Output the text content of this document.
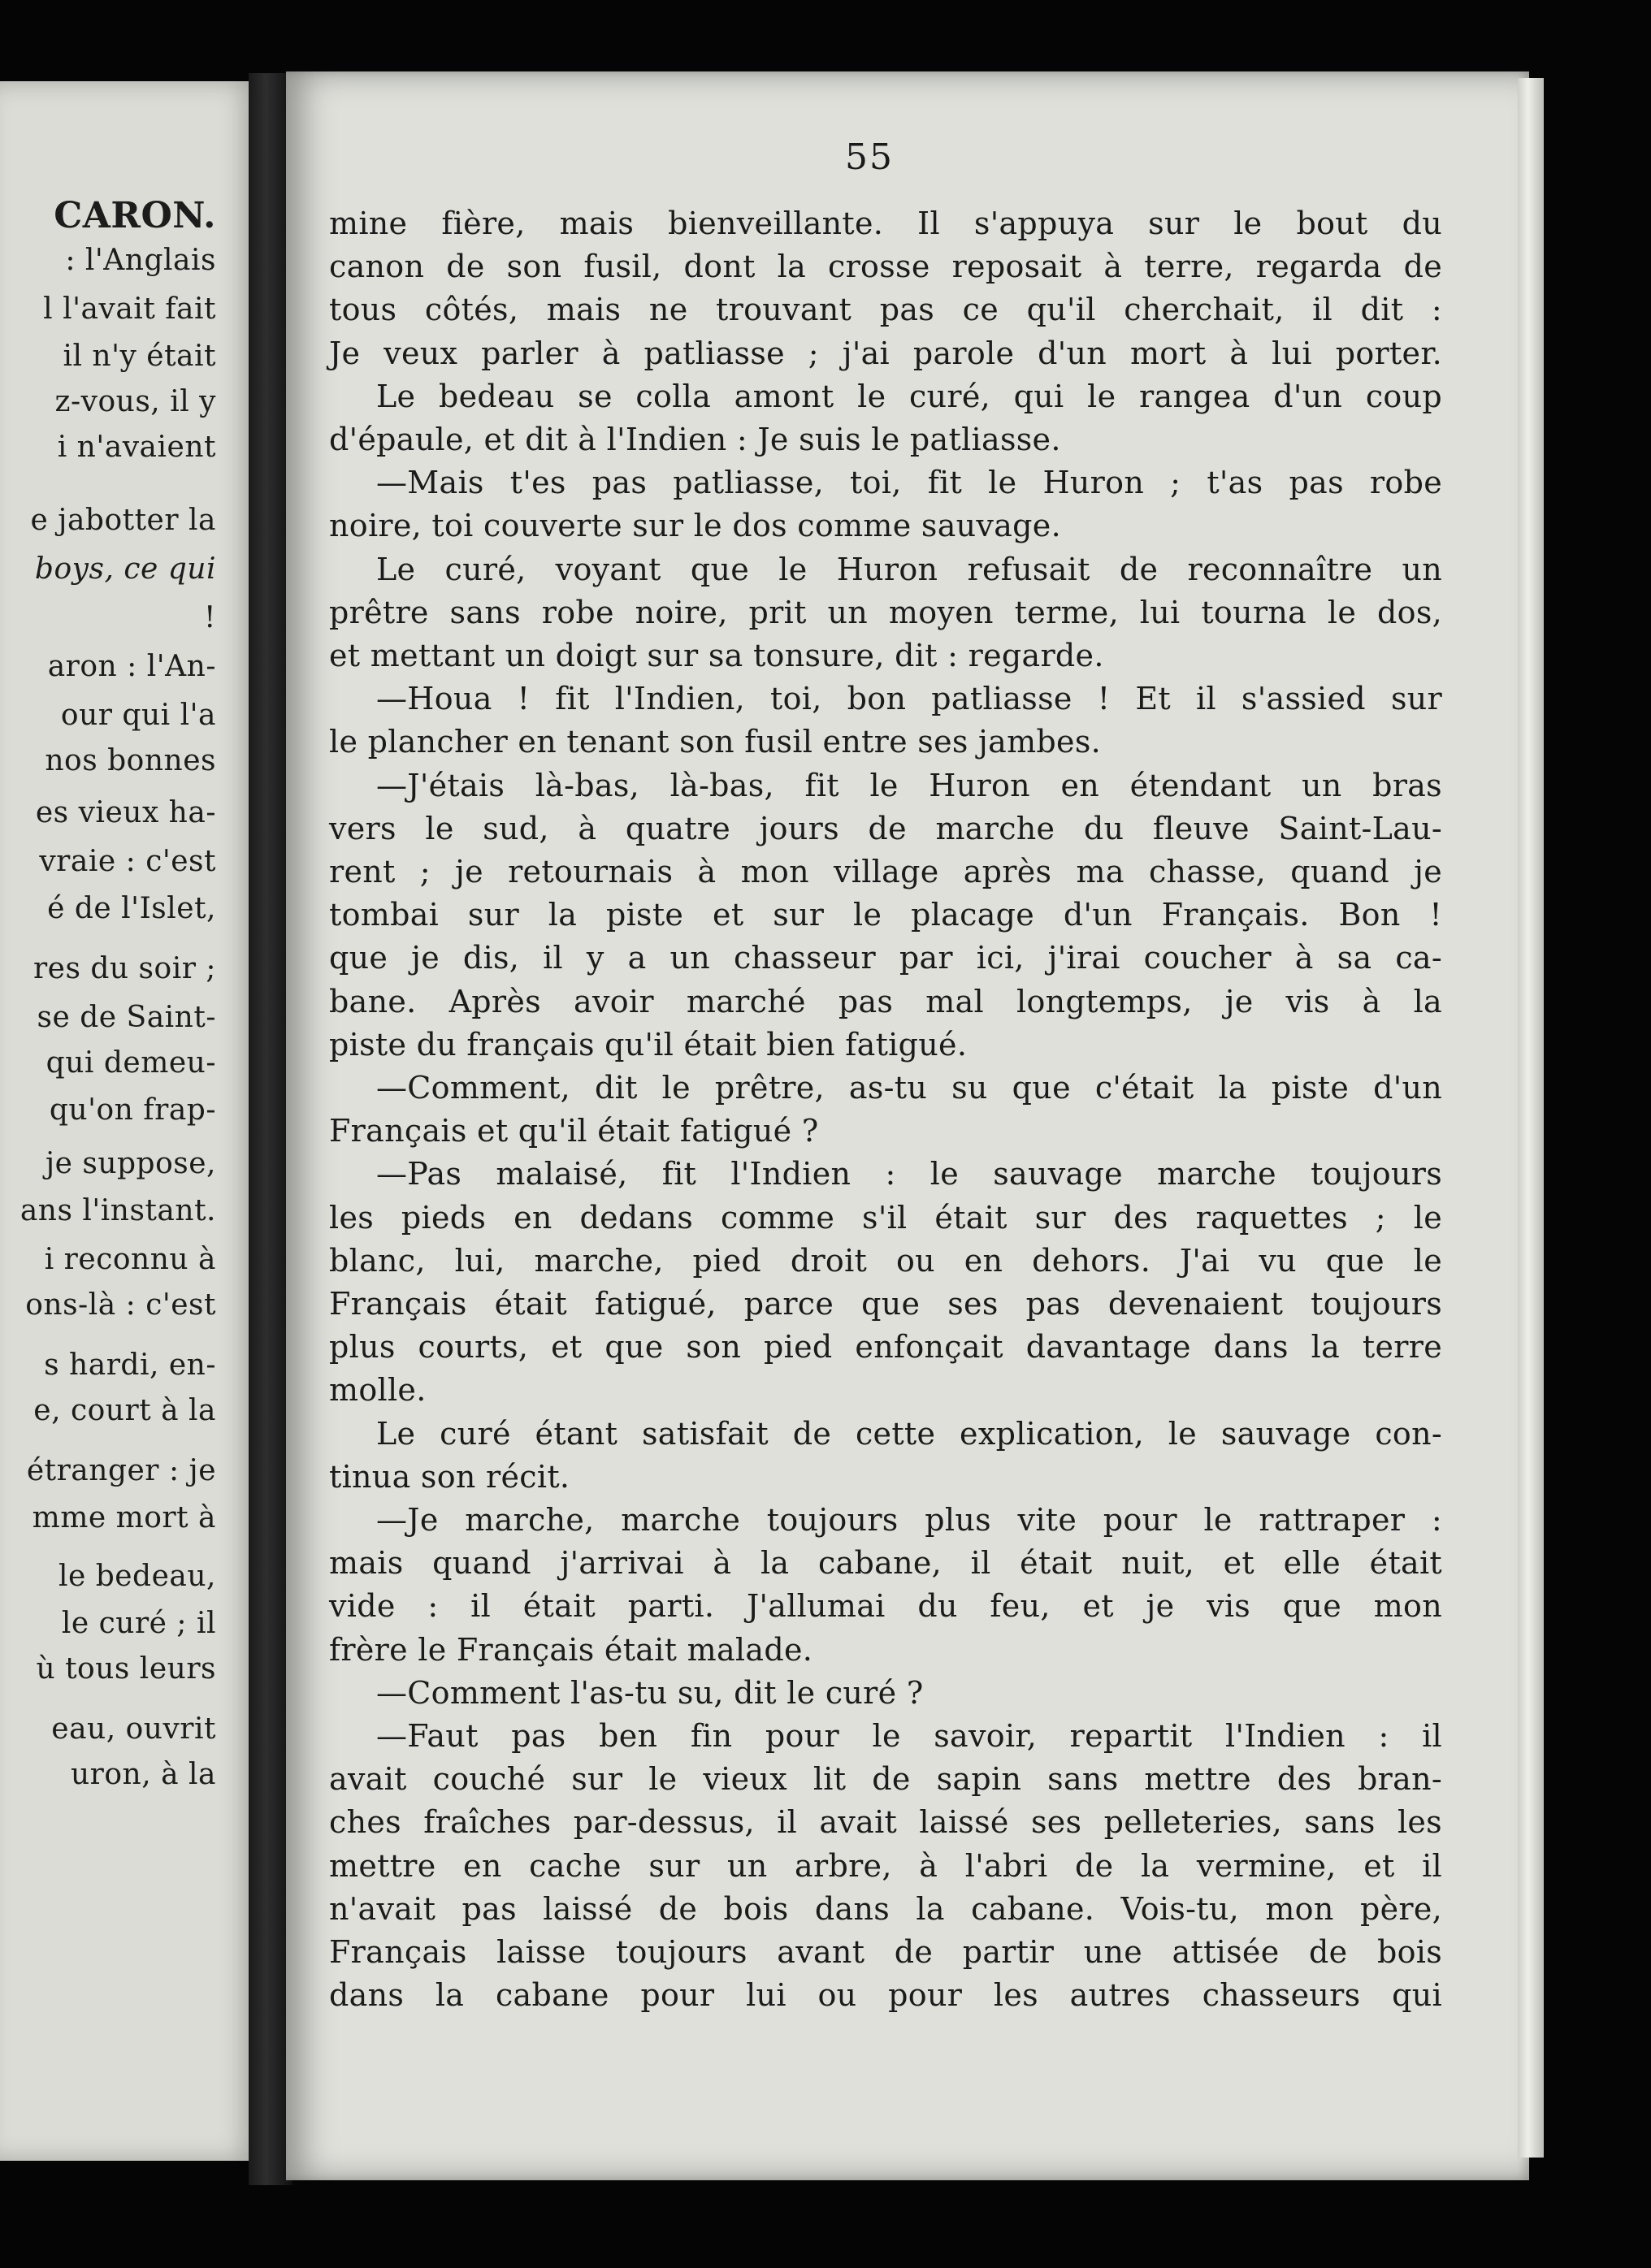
CARON.
: l'Anglais
l l'avait fait
il n'y était
z-vous, il y
i n'avaient
e jabotter la
boys, ce qui
!
aron : l'An-
our qui l'a
nos bonnes
es vieux ha-
vraie : c'est
é de l'Islet,
res du soir ;
se de Saint-
qui demeu-
qu'on frap-
je suppose,
ans l'instant.
i reconnu à
ons-là : c'est
s hardi, en-
e, court à la
étranger : je
mme mort à
le bedeau,
le curé ; il
ù tous leurs
eau, ouvrit
uron, à la
55
mine fière, mais bienveillante. Il s'appuya sur le bout du
canon de son fusil, dont la crosse reposait à terre, regarda de
tous côtés, mais ne trouvant pas ce qu'il cherchait, il dit :
Je veux parler à patliasse ; j'ai parole d'un mort à lui porter.
Le bedeau se colla amont le curé, qui le rangea d'un coup
d'épaule, et dit à l'Indien : Je suis le patliasse.
—Mais t'es pas patliasse, toi, fit le Huron ; t'as pas robe
noire, toi couverte sur le dos comme sauvage.
Le curé, voyant que le Huron refusait de reconnaître un
prêtre sans robe noire, prit un moyen terme, lui tourna le dos,
et mettant un doigt sur sa tonsure, dit : regarde.
—Houa ! fit l'Indien, toi, bon patliasse ! Et il s'assied sur
le plancher en tenant son fusil entre ses jambes.
—J'étais là-bas, là-bas, fit le Huron en étendant un bras
vers le sud, à quatre jours de marche du fleuve Saint-Lau-
rent ; je retournais à mon village après ma chasse, quand je
tombai sur la piste et sur le placage d'un Français. Bon !
que je dis, il y a un chasseur par ici, j'irai coucher à sa ca-
bane. Après avoir marché pas mal longtemps, je vis à la
piste du français qu'il était bien fatigué.
—Comment, dit le prêtre, as-tu su que c'était la piste d'un
Français et qu'il était fatigué ?
—Pas malaisé, fit l'Indien : le sauvage marche toujours
les pieds en dedans comme s'il était sur des raquettes ; le
blanc, lui, marche, pied droit ou en dehors. J'ai vu que le
Français était fatigué, parce que ses pas devenaient toujours
plus courts, et que son pied enfonçait davantage dans la terre
molle.
Le curé étant satisfait de cette explication, le sauvage con-
tinua son récit.
—Je marche, marche toujours plus vite pour le rattraper :
mais quand j'arrivai à la cabane, il était nuit, et elle était
vide : il était parti. J'allumai du feu, et je vis que mon
frère le Français était malade.
—Comment l'as-tu su, dit le curé ?
—Faut pas ben fin pour le savoir, repartit l'Indien : il
avait couché sur le vieux lit de sapin sans mettre des bran-
ches fraîches par-dessus, il avait laissé ses pelleteries, sans les
mettre en cache sur un arbre, à l'abri de la vermine, et il
n'avait pas laissé de bois dans la cabane. Vois-tu, mon père,
Français laisse toujours avant de partir une attisée de bois
dans la cabane pour lui ou pour les autres chasseurs qui
